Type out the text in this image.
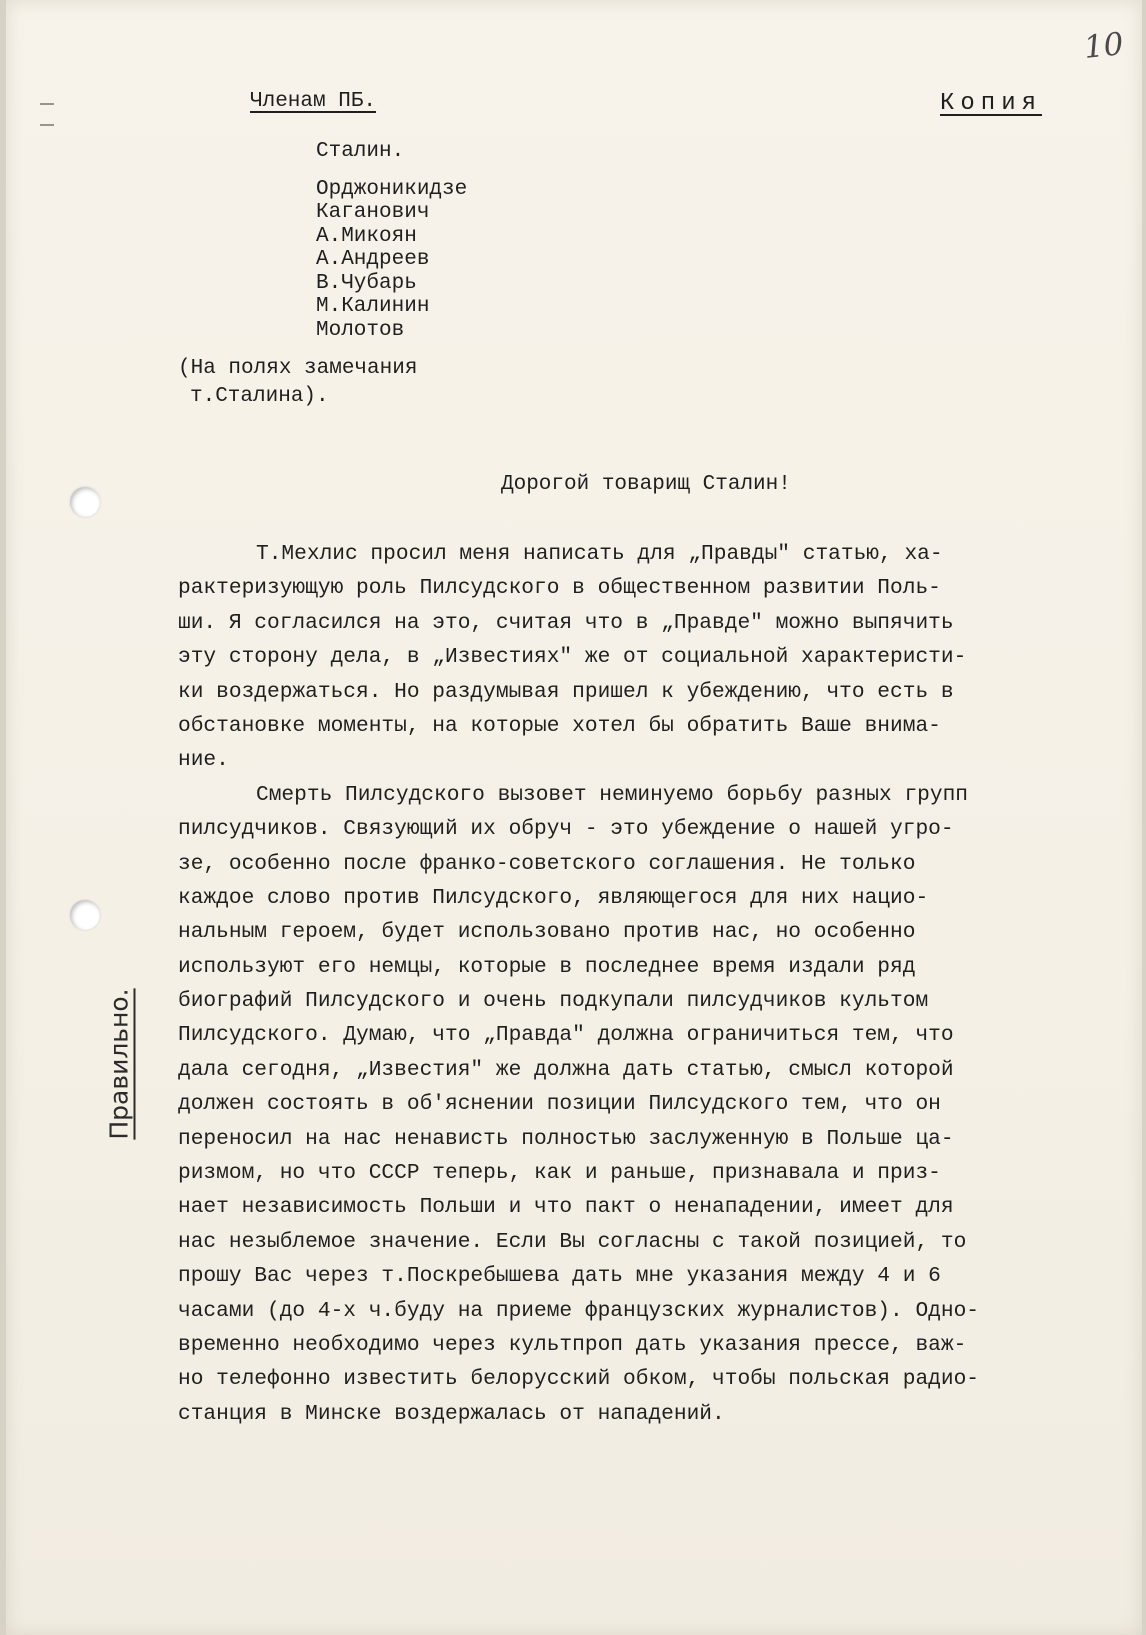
10
Членам ПБ.	Копия
Сталин.
Орджоникидзе
Каганович
А.Микоян
А.Андреев
В.Чубарь
М.Калинин
Молотов
(На полях замечания
т.Сталина).
Дорогой товарищ Сталин!
Т.Мехлис просил меня написать для „Правды" статью, ха-
рактеризующую роль Пилсудского в общественном развитии Поль-
ши. Я согласился на это, считая что в „Правде" можно выпячить
эту сторону дела, в „Известиях" же от социальной характеристи-
ки воздержаться. Но раздумывая пришел к убеждению, что есть в
обстановке моменты, на которые хотел бы обратить Ваше внима-
ние.
Смерть Пилсудского вызовет неминуемо борьбу разных групп
пилсудчиков. Связующий их обруч - это убеждение о нашей угро-
зе, особенно после франко-советского соглашения. Не только
каждое слово против Пилсудского, являющегося для них нацио-
нальным героем, будет использовано против нас, но особенно
используют его немцы, которые в последнее время издали ряд
биографий Пилсудского и очень подкупали пилсудчиков культом
Пилсудского. Думаю, что „Правда" должна ограничиться тем, что
дала сегодня, „Известия" же должна дать статью, смысл которой
должен состоять в об'яснении позиции Пилсудского тем, что он
переносил на нас ненависть полностью заслуженную в Польше ца-
ризмом, но что СССР теперь, как и раньше, признавала и приз-
нает независимость Польши и что пакт о ненападении, имеет для
нас незыблемое значение. Если Вы согласны с такой позицией, то
прошу Вас через т.Поскребышева дать мне указания между 4 и 6
часами (до 4-х ч.буду на приеме французских журналистов). Одно-
временно необходимо через культпроп дать указания прессе, важ-
но телефонно известить белорусский обком, чтобы польская радио-
станция в Минске воздержалась от нападений.
Правильно.
